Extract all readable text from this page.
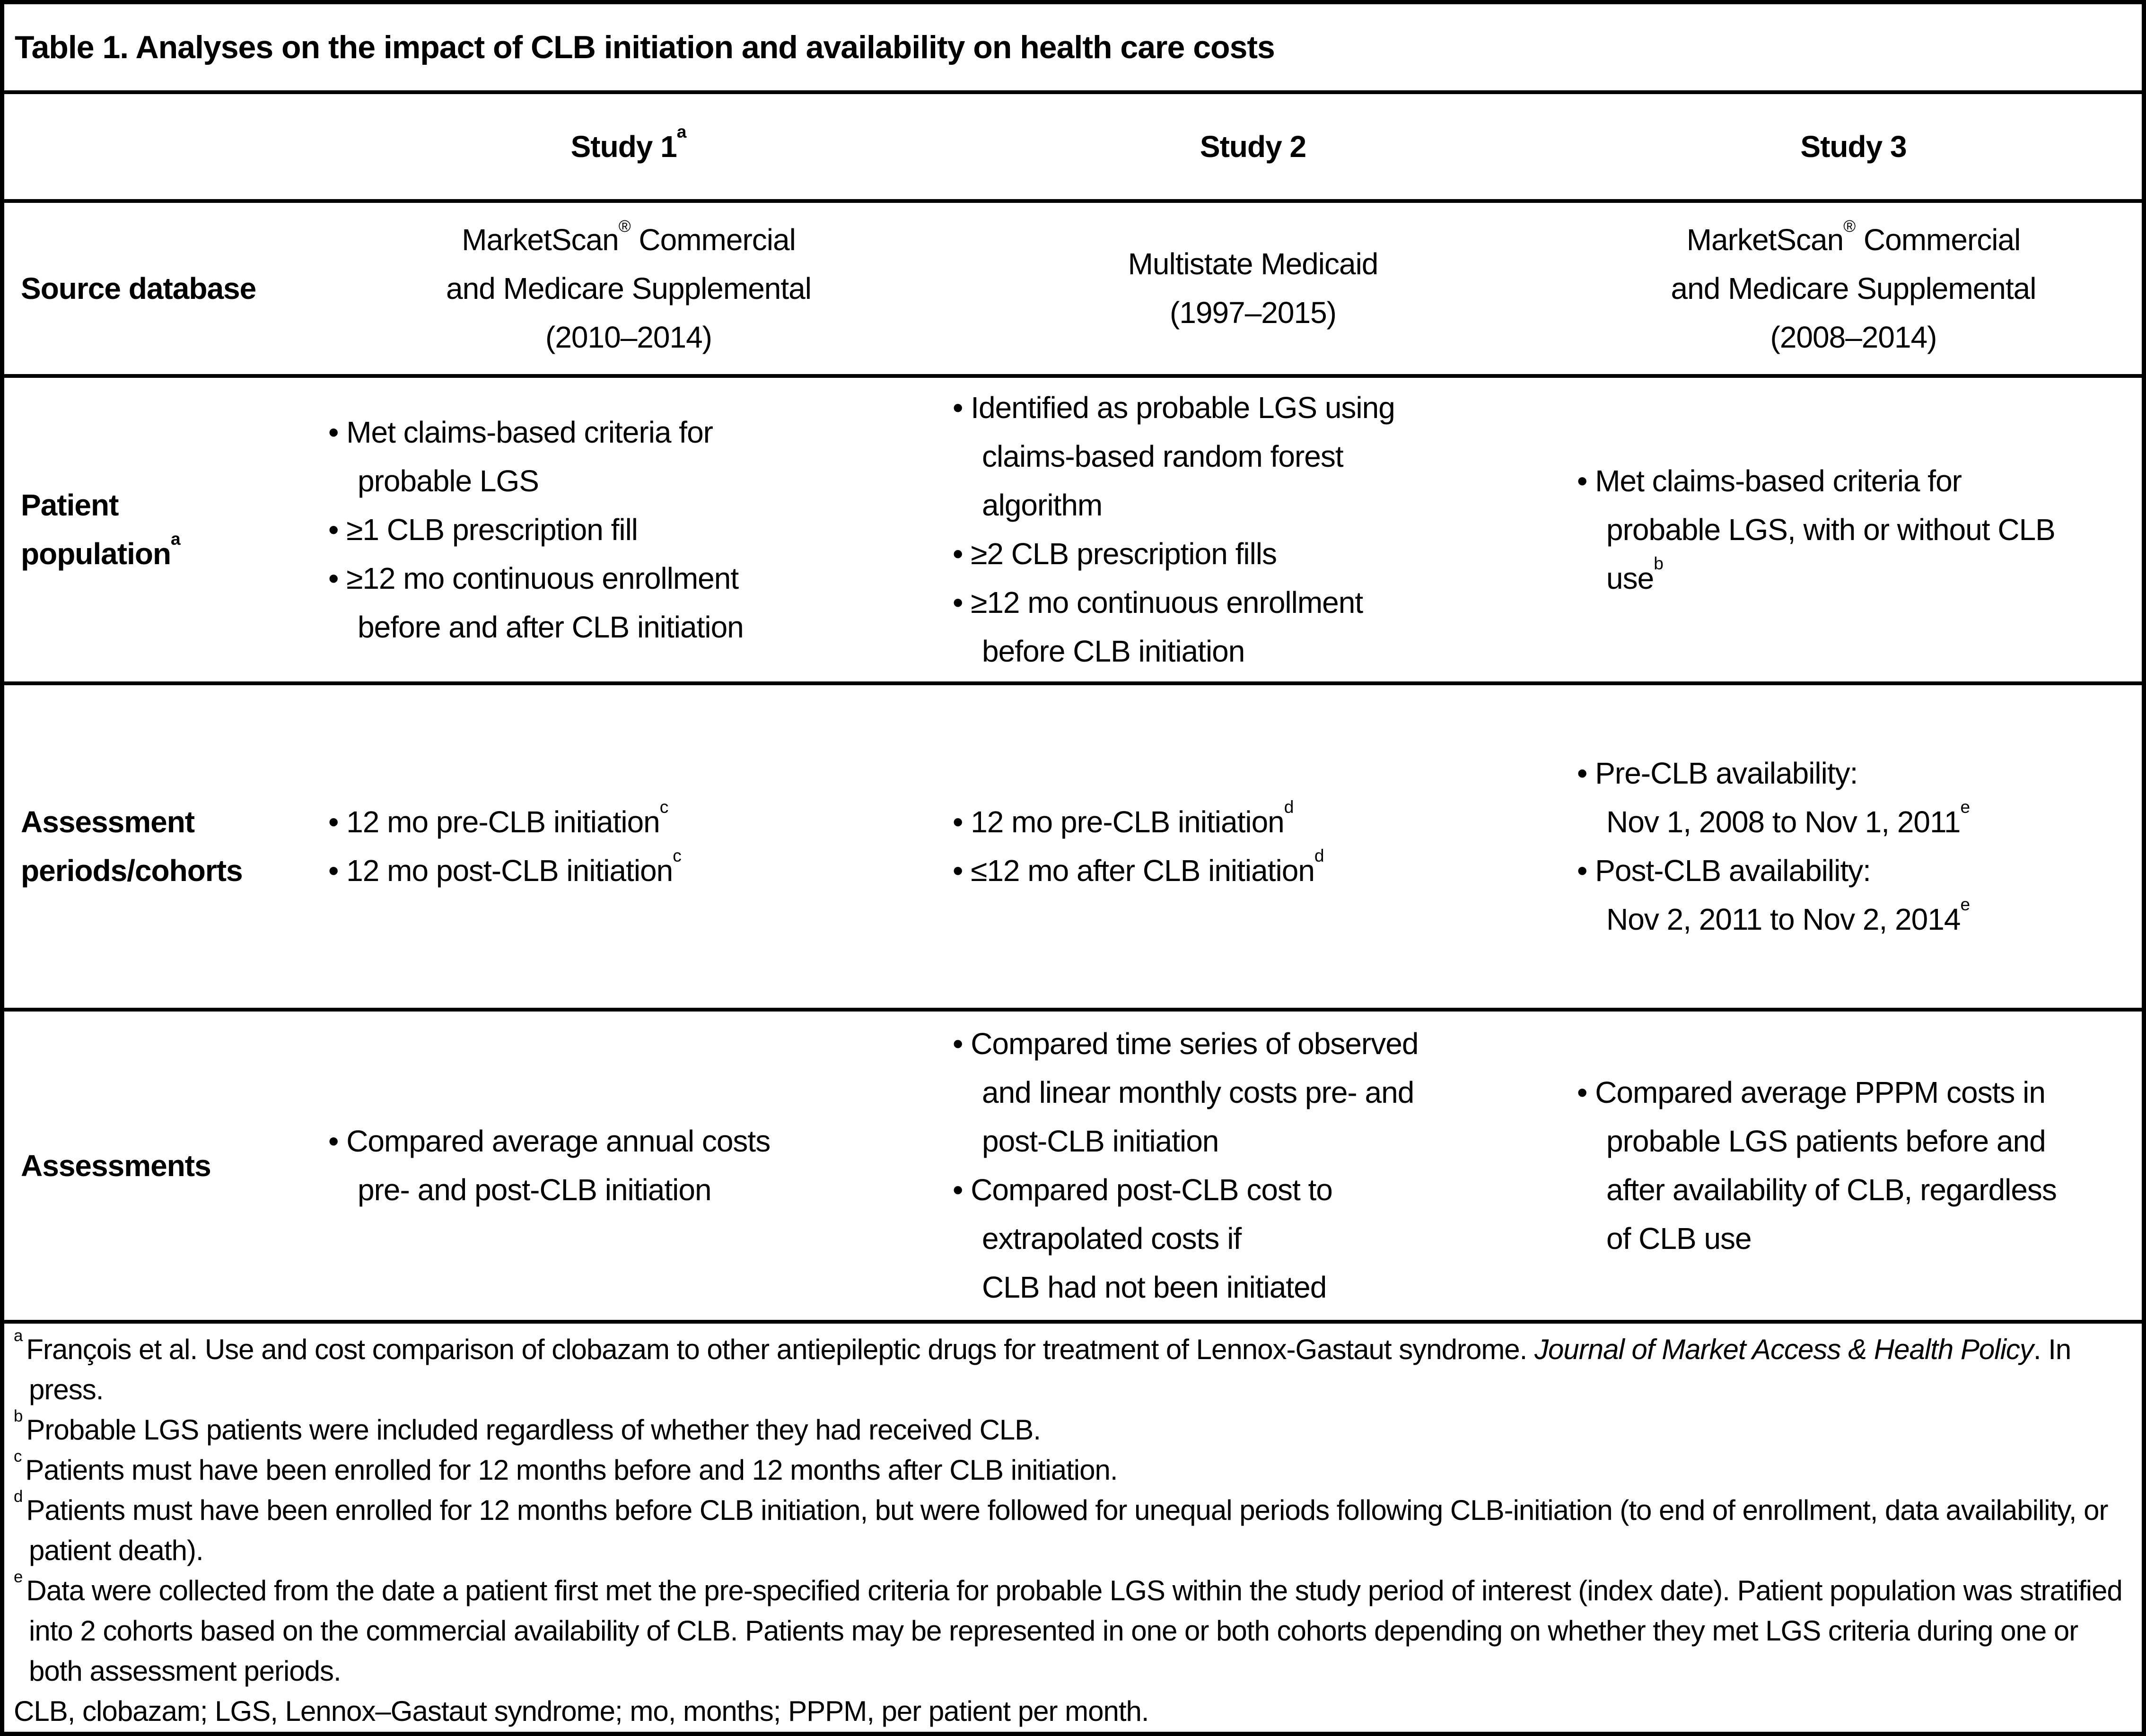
Table 1. Analyses on the impact of CLB initiation and availability on health care costs
Study 1$^a$	Study 2	Study 3
Source database
MarketScan® Commercial
and Medicare Supplemental
(2010–2014)
Multistate Medicaid
(1997–2015)
MarketScan® Commercial
and Medicare Supplemental
(2008–2014)
Patient population$^a$
• Met claims-based criteria for
probable LGS
• ≥1 CLB prescription fill
• ≥12 mo continuous enrollment
before and after CLB initiation
• Identified as probable LGS using
claims-based random forest
algorithm
• ≥2 CLB prescription fills
• ≥12 mo continuous enrollment
before CLB initiation
• Met claims-based criteria for
probable LGS, with or without CLB
use$^b$
Assessment periods/cohorts
• 12 mo pre-CLB initiation$^c$
• 12 mo post-CLB initiation$^c$
• 12 mo pre-CLB initiation$^d$
• ≤12 mo after CLB initiation$^d$
• Pre-CLB availability:
Nov 1, 2008 to Nov 1, 2011e
• Post-CLB availability:
Nov 2, 2011 to Nov 2, 2014e
Assessments
• Compared average annual costs
pre- and post-CLB initiation
• Compared time series of observed
and linear monthly costs pre- and
post-CLB initiation
• Compared post-CLB cost to
extrapolated costs if
CLB had not been initiated
• Compared average PPPM costs in
probable LGS patients before and
after availability of CLB, regardless
of CLB use
$^a$ François et al. Use and cost comparison of clobazam to other antiepileptic drugs for treatment of Lennox-Gastaut syndrome. Journal of Market Access & Health Policy. In press.
$^b$ Probable LGS patients were included regardless of whether they had received CLB.
$^c$ Patients must have been enrolled for 12 months before and 12 months after CLB initiation.
$^d$ Patients must have been enrolled for 12 months before CLB initiation, but were followed for unequal periods following CLB-initiation (to end of enrollment, data availability, or patient death).
$^e$ Data were collected from the date a patient first met the pre-specified criteria for probable LGS within the study period of interest (index date). Patient population was stratified into 2 cohorts based on the commercial availability of CLB. Patients may be represented in one or both cohorts depending on whether they met LGS criteria during one or both assessment periods.
CLB, clobazam; LGS, Lennox–Gastaut syndrome; mo, months; PPPM, per patient per month.
